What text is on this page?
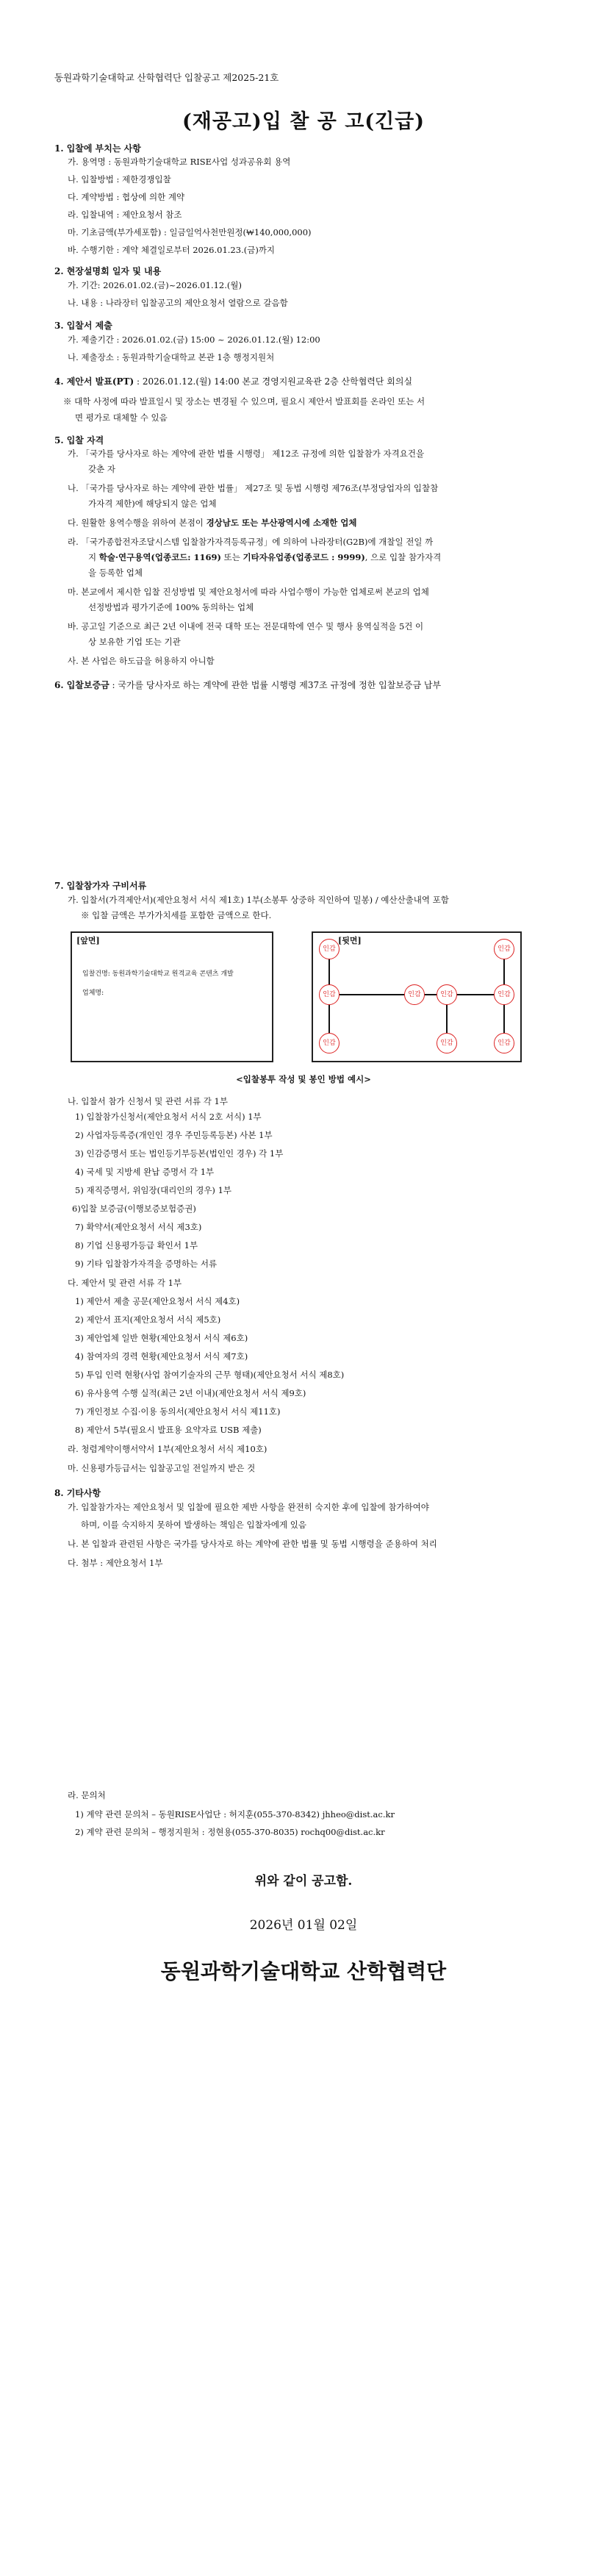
동원과학기술대학교 산학협력단 입찰공고 제2025-21호
(재공고)입 찰 공 고(긴급)
1. 입찰에 부치는 사항
가. 용역명 : 동원과학기술대학교 RISE사업 성과공유회 용역
나. 입찰방법 : 제한경쟁입찰
다. 계약방법 : 협상에 의한 계약
라. 입찰내역 : 제안요청서 참조
마. 기초금액(부가세포함) : 일금일억사천만원정(₩140,000,000)
바. 수행기한 : 계약 체결일로부터 2026.01.23.(금)까지
2. 현장설명회 일자 및 내용
가. 기간: 2026.01.02.(금)~2026.01.12.(월)
나. 내용 : 나라장터 입찰공고의 제안요청서 열람으로 갈음함
3. 입찰서 제출
가. 제출기간 : 2026.01.02.(금) 15:00 ~ 2026.01.12.(월) 12:00
나. 제출장소 : 동원과학기술대학교 본관 1층 행정지원처
4. 제안서 발표(PT) : 2026.01.12.(월) 14:00 본교 경영지원교육관 2층 산학협력단 회의실
※ 대학 사정에 따라 발표일시 및 장소는 변경될 수 있으며, 필요시 제안서 발표회를 온라인 또는 서
면 평가로 대체할 수 있음
5. 입찰 자격
가. 「국가를 당사자로 하는 계약에 관한 법률 시행령」 제12조 규정에 의한 입찰참가 자격요건을
갖춘 자
나. 「국가를 당사자로 하는 계약에 관한 법률」 제27조 및 동법 시행령 제76조(부정당업자의 입찰참
가자격 제한)에 해당되지 않은 업체
다. 원활한 용역수행을 위하여 본점이 경상남도 또는 부산광역시에 소재한 업체
라. 「국가종합전자조달시스템 입찰참가자격등록규정」에 의하여 나라장터(G2B)에 개찰일 전일 까
지 학술·연구용역(업종코드: 1169) 또는 기타자유업종(업종코드 : 9999), 으로 입찰 참가자격
을 등록한 업체
마. 본교에서 제시한 입찰 진성방법 및 제안요청서에 따라 사업수행이 가능한 업체로써 본교의 업체
선정방법과 평가기준에 100% 동의하는 업체
바. 공고일 기준으로 최근 2년 이내에 전국 대학 또는 전문대학에 연수 및 행사 용역실적을 5건 이
상 보유한 기업 또는 기관
사. 본 사업은 하도급을 허용하지 아니함
6. 입찰보증금 : 국가를 당사자로 하는 계약에 관한 법률 시행령 제37조 규정에 정한 입찰보증금 납부
7. 입찰참가자 구비서류
가. 입찰서(가격제안서)(제안요청서 서식 제1호) 1부(소봉투 상중하 직인하여 밀봉) / 예산산출내역 포함
※ 입찰 금액은 부가가치세를 포함한 금액으로 한다.
[앞면]
입찰건명: 동원과학기술대학교 원격교육 콘텐츠 개발
업체명:
[뒷면]
인감	인감
인감	인감	인감	인감
인감	인감	인감
<입찰봉투 작성 및 봉인 방법 예시>
나. 입찰서 참가 신청서 및 관련 서류 각 1부
1) 입찰참가신청서(제안요청서 서식 2호 서식) 1부
2) 사업자등록증(개인인 경우 주민등록등본) 사본 1부
3) 인감증명서 또는 법인등기부등본(법인인 경우) 각 1부
4) 국세 및 지방세 완납 증명서 각 1부
5) 재직증명서, 위임장(대리인의 경우) 1부
6)입찰 보증금(이행보증보험증권)
7) 확약서(제안요청서 서식 제3호)
8) 기업 신용평가등급 확인서 1부
9) 기타 입찰참가자격을 증명하는 서류
다. 제안서 및 관련 서류 각 1부
1) 제안서 제출 공문(제안요청서 서식 제4호)
2) 제안서 표지(제안요청서 서식 제5호)
3) 제안업체 일반 현황(제안요청서 서식 제6호)
4) 참여자의 경력 현황(제안요청서 서식 제7호)
5) 투입 인력 현황(사업 참여기술자의 근무 형태)(제안요청서 서식 제8호)
6) 유사용역 수행 실적(최근 2년 이내)(제안요청서 서식 제9호)
7) 개인정보 수집·이용 동의서(제안요청서 서식 제11호)
8) 제안서 5부(필요시 발표용 요약자료 USB 제출)
라. 청렴계약이행서약서 1부(제안요청서 서식 제10호)
마. 신용평가등급서는 입찰공고일 전일까지 받은 것
8. 기타사항
가. 입찰참가자는 제안요청서 및 입찰에 필요한 제반 사항을 완전히 숙지한 후에 입찰에 참가하여야
하며, 이를 숙지하지 못하여 발생하는 책임은 입찰자에게 있음
나. 본 입찰과 관련된 사항은 국가를 당사자로 하는 계약에 관한 법률 및 동법 시행령을 준용하여 처리
다. 첨부 : 제안요청서 1부
라. 문의처
1) 계약 관련 문의처 – 동원RISE사업단 : 허지훈(055-370-8342) jhheo@dist.ac.kr
2) 계약 관련 문의처 – 행정지원처 : 정현용(055-370-8035) rochq00@dist.ac.kr
위와 같이 공고함.
2026년 01월 02일
동원과학기술대학교 산학협력단
